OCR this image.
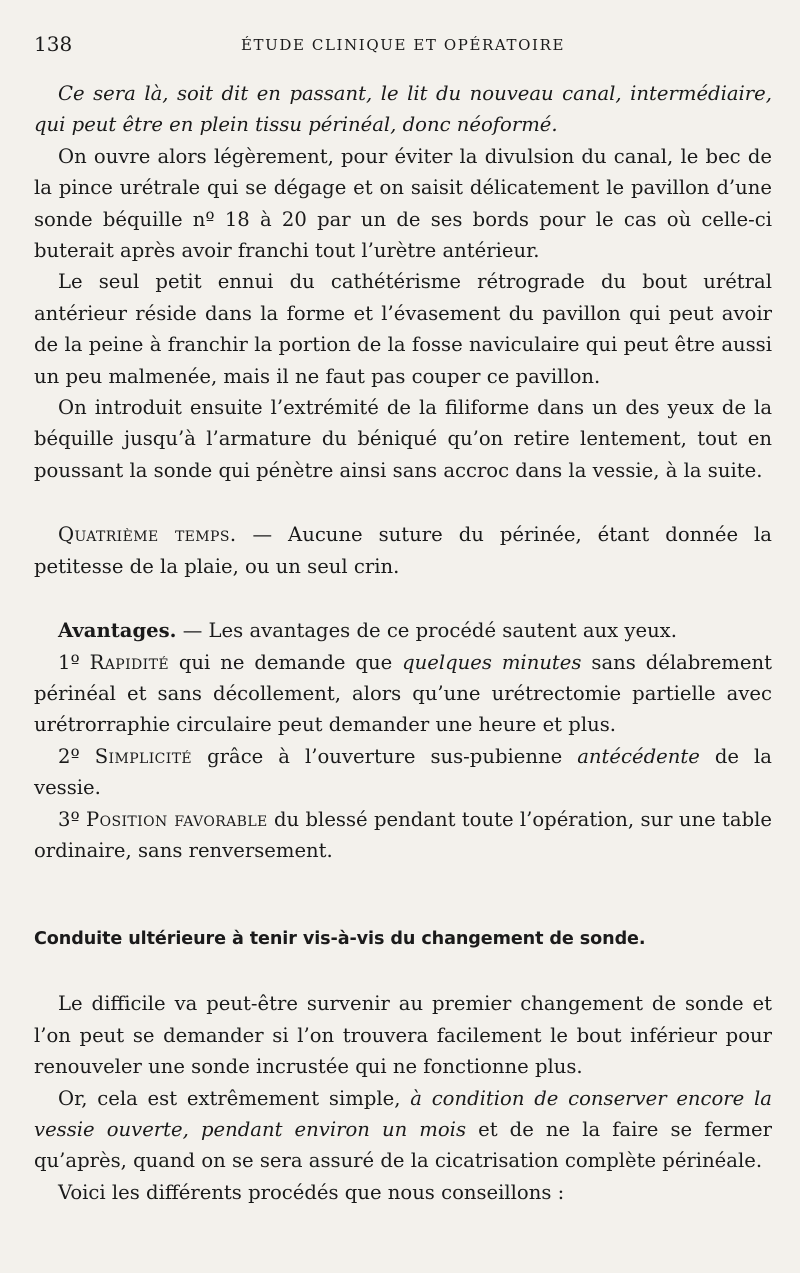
138	ÉTUDE CLINIQUE ET OPÉRATOIRE

Ce sera là, soit dit en passant, le lit du nouveau canal, intermédiaire, qui peut être en plein tissu périnéal, donc néoformé.

On ouvre alors légèrement, pour éviter la divulsion du canal, le bec de la pince urétrale qui se dégage et on saisit délicatement le pavillon d’une sonde béquille nº 18 à 20 par un de ses bords pour le cas où celle-ci buterait après avoir franchi tout l’urètre antérieur.

Le seul petit ennui du cathétérisme rétrograde du bout urétral antérieur réside dans la forme et l’évasement du pavillon qui peut avoir de la peine à franchir la portion de la fosse naviculaire qui peut être aussi un peu malmenée, mais il ne faut pas couper ce pavillon.

On introduit ensuite l’extrémité de la filiforme dans un des yeux de la béquille jusqu’à l’armature du béniqué qu’on retire lentement, tout en poussant la sonde qui pénètre ainsi sans accroc dans la vessie, à la suite.

Quatrième temps. — Aucune suture du périnée, étant donnée la petitesse de la plaie, ou un seul crin.

Avantages. — Les avantages de ce procédé sautent aux yeux.

1º Rapidité qui ne demande que quelques minutes sans délabrement périnéal et sans décollement, alors qu’une urétrectomie partielle avec urétrorraphie circulaire peut demander une heure et plus.

2º Simplicité grâce à l’ouverture sus-pubienne antécédente de la vessie.

3º Position favorable du blessé pendant toute l’opération, sur une table ordinaire, sans renversement.

Conduite ultérieure à tenir vis-à-vis du changement de sonde.

Le difficile va peut-être survenir au premier changement de sonde et l’on peut se demander si l’on trouvera facilement le bout inférieur pour renouveler une sonde incrustée qui ne fonctionne plus.

Or, cela est extrêmement simple, à condition de conserver encore la vessie ouverte, pendant environ un mois et de ne la faire se fermer qu’après, quand on se sera assuré de la cicatrisation complète périnéale.

Voici les différents procédés que nous conseillons :
